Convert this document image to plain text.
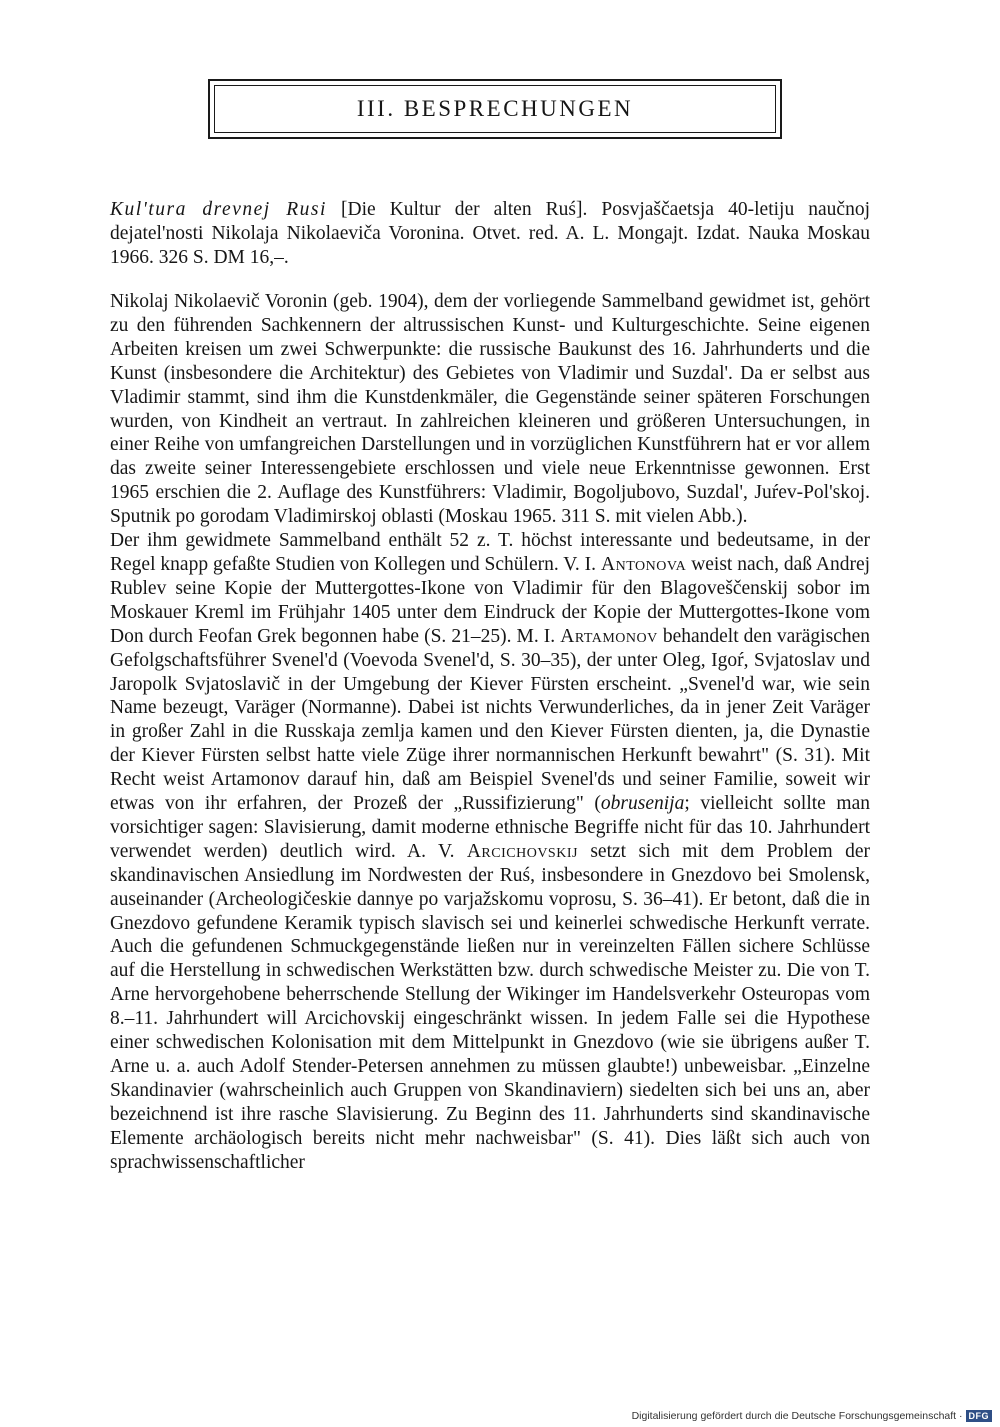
III. BESPRECHUNGEN
Kul'tura drevnej Rusi [Die Kultur der alten Ruś]. Posvjaščaetsja 40-letiju naučnoj dejatel'nosti Nikolaja Nikolaeviča Voronina. Otvet. red. A. L. Mongajt. Izdat. Nauka Moskau 1966. 326 S. DM 16,–.

Nikolaj Nikolaevič Voronin (geb. 1904), dem der vorliegende Sammelband gewidmet ist, gehört zu den führenden Sachkennern der altrussischen Kunst- und Kulturgeschichte. Seine eigenen Arbeiten kreisen um zwei Schwerpunkte: die russische Baukunst des 16. Jahrhunderts und die Kunst (insbesondere die Architektur) des Gebietes von Vladimir und Suzdal'. Da er selbst aus Vladimir stammt, sind ihm die Kunstdenkmäler, die Gegenstände seiner späteren Forschungen wurden, von Kindheit an vertraut. In zahlreichen kleineren und größeren Untersuchungen, in einer Reihe von umfangreichen Darstellungen und in vorzüglichen Kunstführern hat er vor allem das zweite seiner Interessengebiete erschlossen und viele neue Erkenntnisse gewonnen. Erst 1965 erschien die 2. Auflage des Kunstführers: Vladimir, Bogoljubovo, Suzdal', Juŕev-Pol'skoj. Sputnik po gorodam Vladimirskoj oblasti (Moskau 1965. 311 S. mit vielen Abb.).

Der ihm gewidmete Sammelband enthält 52 z. T. höchst interessante und bedeutsame, in der Regel knapp gefaßte Studien von Kollegen und Schülern. V. I. Antonova weist nach, daß Andrej Rublev seine Kopie der Muttergottes-Ikone von Vladimir für den Blagoveščenskij sobor im Moskauer Kreml im Frühjahr 1405 unter dem Eindruck der Kopie der Muttergottes-Ikone vom Don durch Feofan Grek begonnen habe (S. 21–25). M. I. Artamonov behandelt den varägischen Gefolgschaftsführer Svenel'd (Voevoda Svenel'd, S. 30–35), der unter Oleg, Igoŕ, Svjatoslav und Jaropolk Svjatoslavič in der Umgebung der Kiever Fürsten erscheint. „Svenel'd war, wie sein Name bezeugt, Varäger (Normanne). Dabei ist nichts Verwunderliches, da in jener Zeit Varäger in großer Zahl in die Russkaja zemlja kamen und den Kiever Fürsten dienten, ja, die Dynastie der Kiever Fürsten selbst hatte viele Züge ihrer normannischen Herkunft bewahrt" (S. 31). Mit Recht weist Artamonov darauf hin, daß am Beispiel Svenel'ds und seiner Familie, soweit wir etwas von ihr erfahren, der Prozeß der „Russifizierung" (obrusenija; vielleicht sollte man vorsichtiger sagen: Slavisierung, damit moderne ethnische Begriffe nicht für das 10. Jahrhundert verwendet werden) deutlich wird. A. V. Arcichovskij setzt sich mit dem Problem der skandinavischen Ansiedlung im Nordwesten der Ruś, insbesondere in Gnezdovo bei Smolensk, auseinander (Archeologičeskie dannye po varjažskomu voprosu, S. 36–41). Er betont, daß die in Gnezdovo gefundene Keramik typisch slavisch sei und keinerlei schwedische Herkunft verrate. Auch die gefundenen Schmuckgegenstände ließen nur in vereinzelten Fällen sichere Schlüsse auf die Herstellung in schwedischen Werkstätten bzw. durch schwedische Meister zu. Die von T. Arne hervorgehobene beherrschende Stellung der Wikinger im Handelsverkehr Osteuropas vom 8.–11. Jahrhundert will Arcichovskij eingeschränkt wissen. In jedem Falle sei die Hypothese einer schwedischen Kolonisation mit dem Mittelpunkt in Gnezdovo (wie sie übrigens außer T. Arne u. a. auch Adolf Stender-Petersen annehmen zu müssen glaubte!) unbeweisbar. „Einzelne Skandinavier (wahrscheinlich auch Gruppen von Skandinaviern) siedelten sich bei uns an, aber bezeichnend ist ihre rasche Slavisierung. Zu Beginn des 11. Jahrhunderts sind skandinavische Elemente archäologisch bereits nicht mehr nachweisbar" (S. 41). Dies läßt sich auch von sprachwissenschaftlicher

Digitalisierung gefördert durch die Deutsche Forschungsgemeinschaft · DFG
